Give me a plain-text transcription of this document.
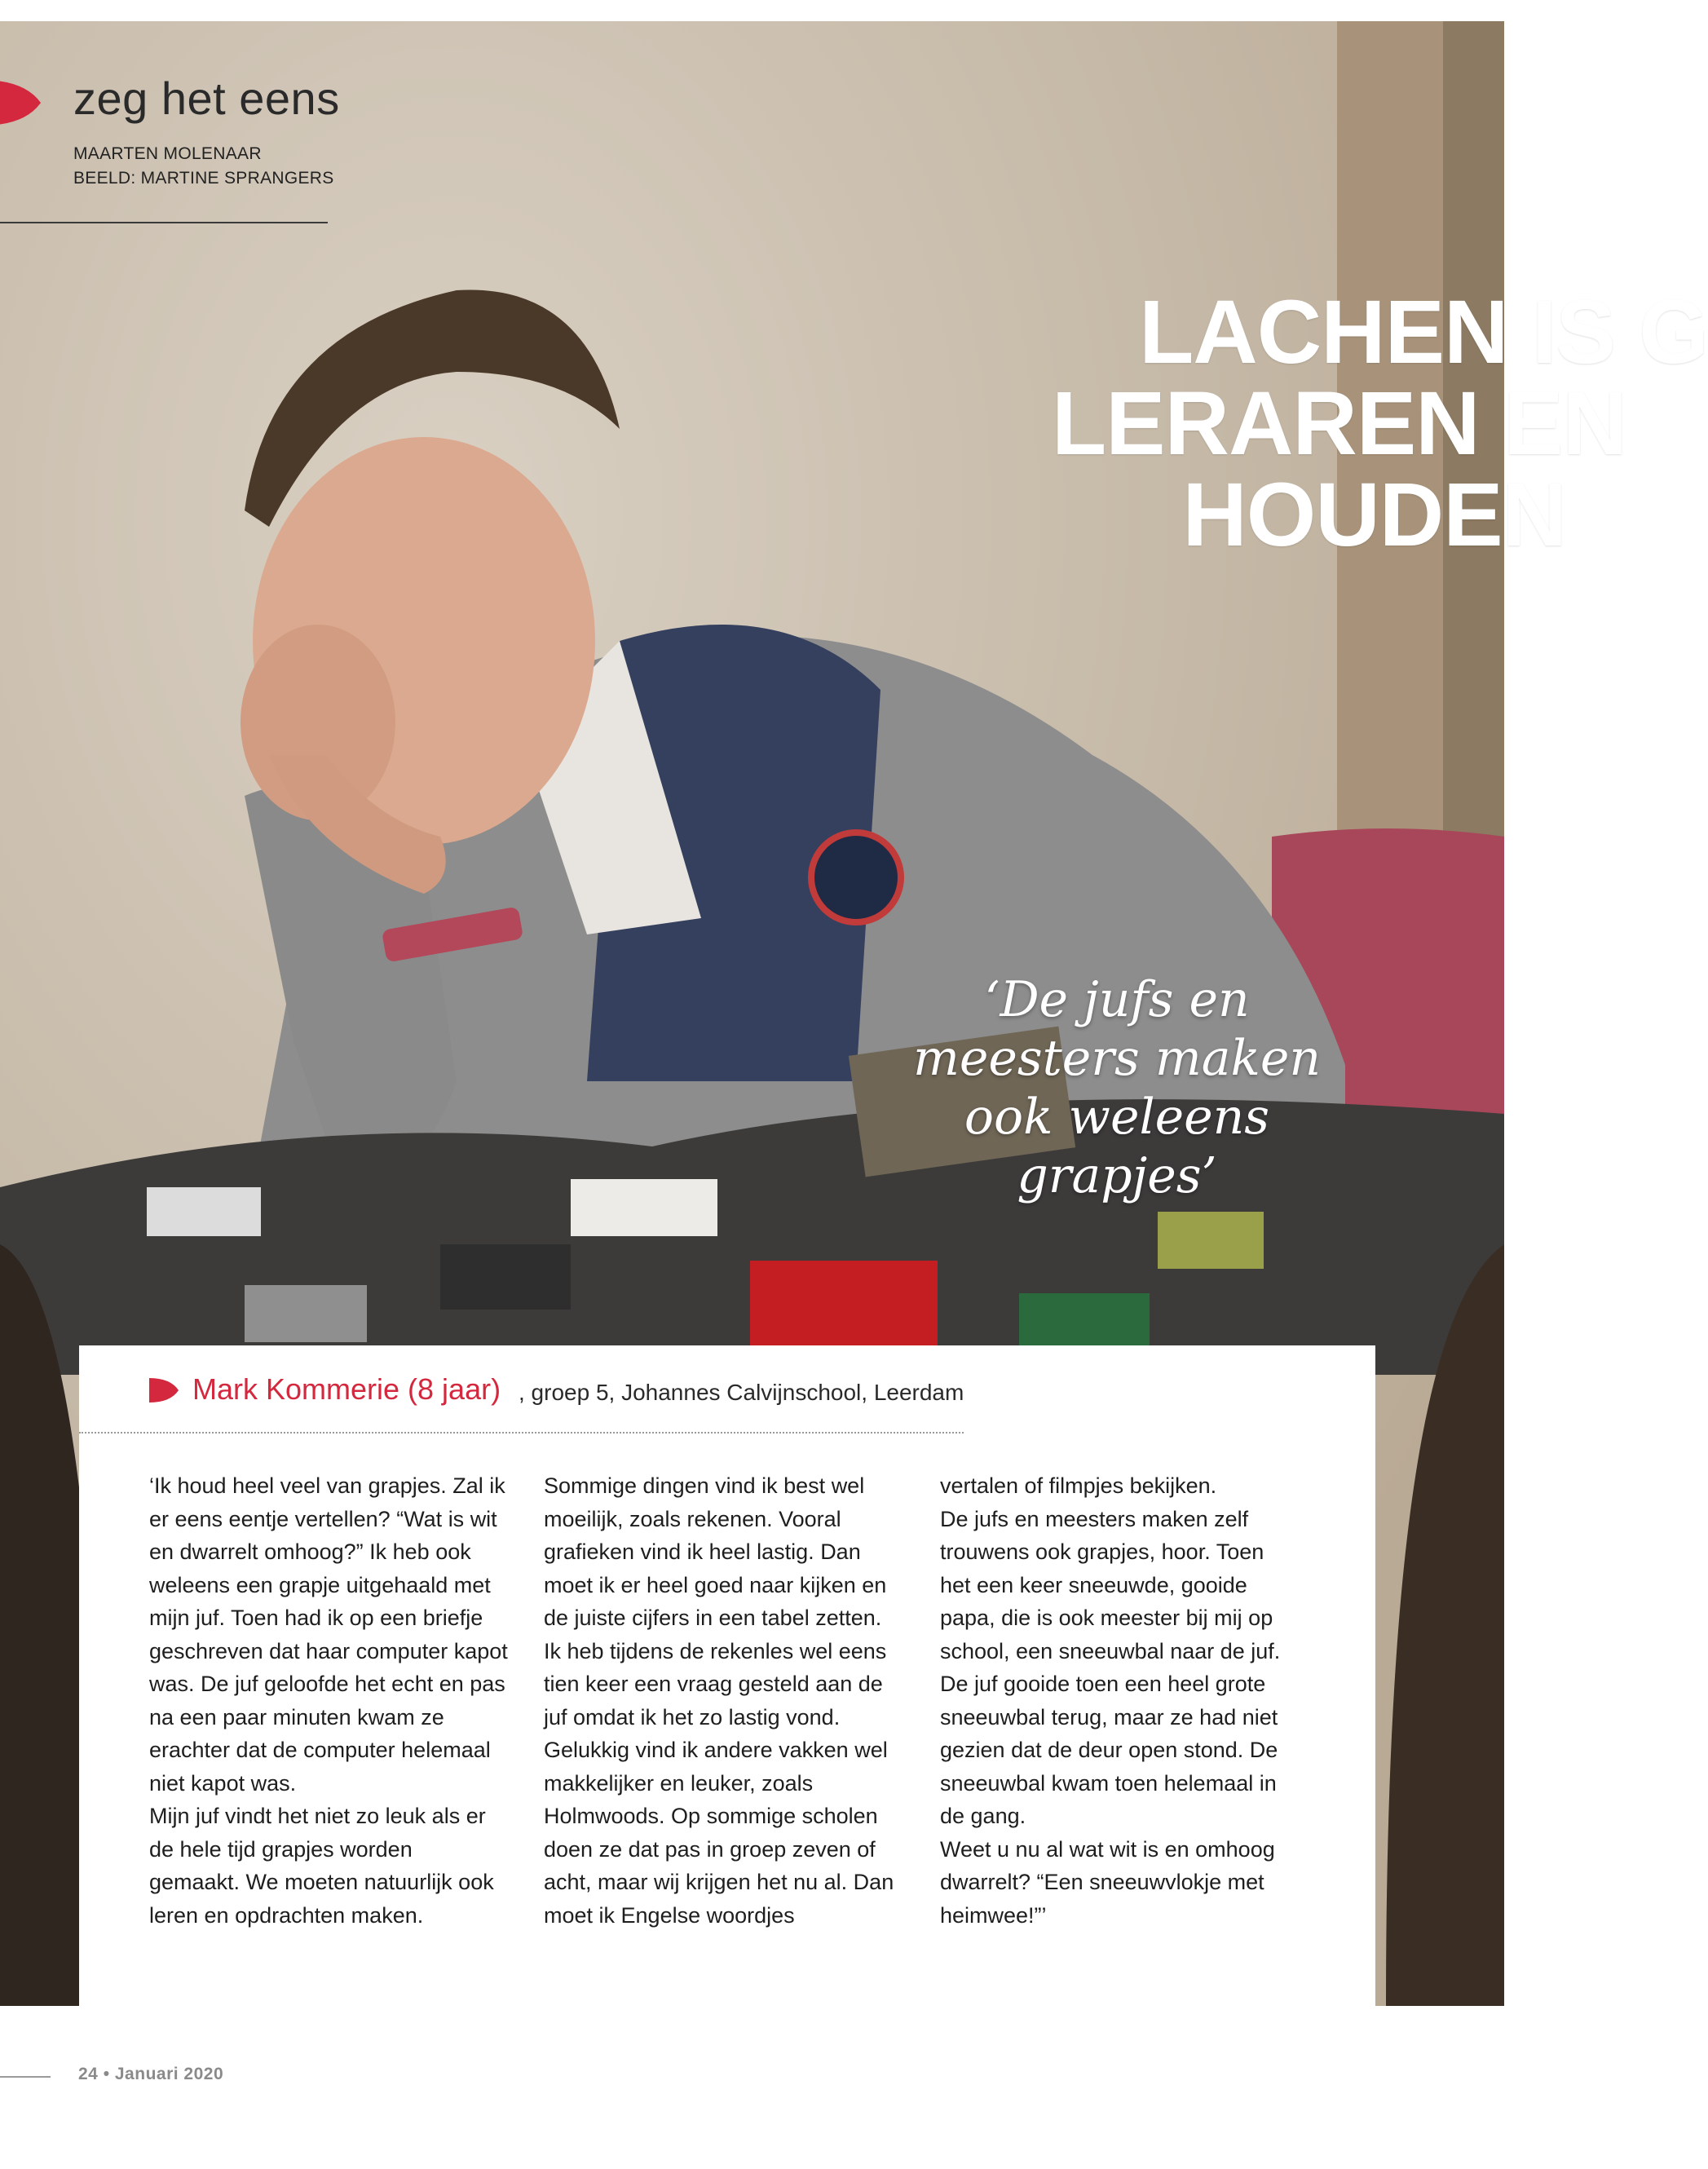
zeg het eens
MAARTEN MOLENAAR
BEELD: MARTINE SPRANGERS
LACHEN IS G
LERAREN EN
HOUDEN
‘De jufs en
meesters maken
ook weleens
grapjes’
Mark Kommerie (8 jaar) , groep 5, Johannes Calvijnschool, Leerdam

‘Ik houd heel veel van grapjes. Zal ik er eens eentje vertellen? “Wat is wit en dwarrelt omhoog?” Ik heb ook weleens een grapje uitgehaald met mijn juf. Toen had ik op een briefje geschreven dat haar computer kapot was. De juf geloofde het echt en pas na een paar minuten kwam ze erachter dat de computer helemaal niet kapot was.

Mijn juf vindt het niet zo leuk als er de hele tijd grapjes worden gemaakt. We moeten natuurlijk ook leren en opdrachten maken.

Sommige dingen vind ik best wel moeilijk, zoals rekenen. Vooral grafieken vind ik heel lastig. Dan moet ik er heel goed naar kijken en de juiste cijfers in een tabel zetten. Ik heb tijdens de rekenles wel eens tien keer een vraag gesteld aan de juf omdat ik het zo lastig vond.

Gelukkig vind ik andere vakken wel makkelijker en leuker, zoals Holmwoods. Op sommige scholen doen ze dat pas in groep zeven of acht, maar wij krijgen het nu al. Dan moet ik Engelse woordjes

vertalen of filmpjes bekijken.

De jufs en meesters maken zelf trouwens ook grapjes, hoor. Toen het een keer sneeuwde, gooide papa, die is ook meester bij mij op school, een sneeuwbal naar de juf. De juf gooide toen een heel grote sneeuwbal terug, maar ze had niet gezien dat de deur open stond. De sneeuwbal kwam toen helemaal in de gang.

Weet u nu al wat wit is en omhoog dwarrelt? “Een sneeuwvlokje met heimwee!”’

24 • Januari 2020
